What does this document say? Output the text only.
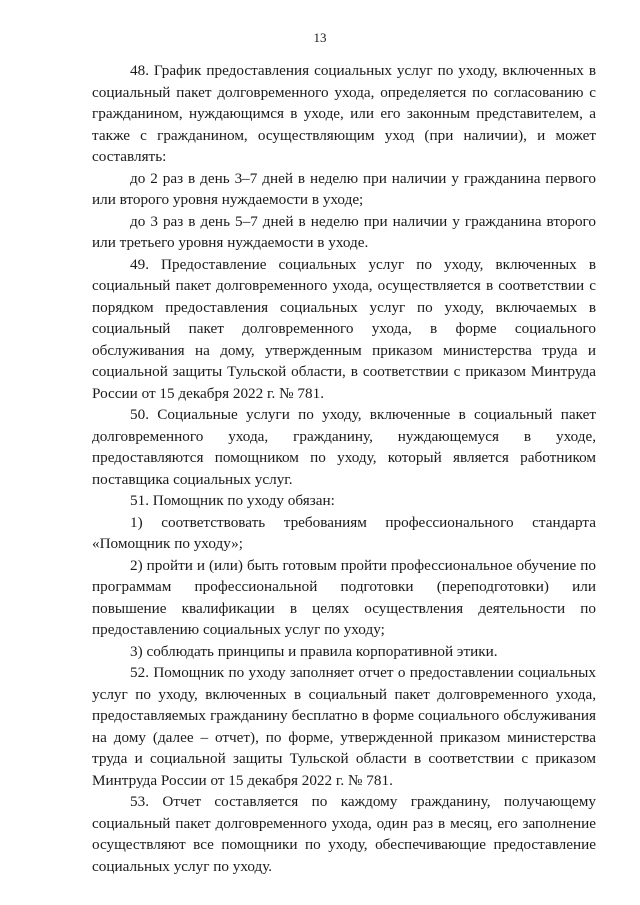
13

48. График предоставления социальных услуг по уходу, включенных в социальный пакет долговременного ухода, определяется по согласованию с гражданином, нуждающимся в уходе, или его законным представителем, а также с гражданином, осуществляющим уход (при наличии), и может составлять:

до 2 раз в день 3–7 дней в неделю при наличии у гражданина первого или второго уровня нуждаемости в уходе;

до 3 раз в день 5–7 дней в неделю при наличии у гражданина второго или третьего уровня нуждаемости в уходе.

49. Предоставление социальных услуг по уходу, включенных в социальный пакет долговременного ухода, осуществляется в соответствии с порядком предоставления социальных услуг по уходу, включаемых в социальный пакет долговременного ухода, в форме социального обслуживания на дому, утвержденным приказом министерства труда и социальной защиты Тульской области, в соответствии с приказом Минтруда России от 15 декабря 2022 г. № 781.

50. Социальные услуги по уходу, включенные в социальный пакет долговременного ухода, гражданину, нуждающемуся в уходе, предоставляются помощником по уходу, который является работником поставщика социальных услуг.

51. Помощник по уходу обязан:

1) соответствовать требованиям профессионального стандарта «Помощник по уходу»;

2) пройти и (или) быть готовым пройти профессиональное обучение по программам профессиональной подготовки (переподготовки) или повышение квалификации в целях осуществления деятельности по предоставлению социальных услуг по уходу;

3) соблюдать принципы и правила корпоративной этики.

52. Помощник по уходу заполняет отчет о предоставлении социальных услуг по уходу, включенных в социальный пакет долговременного ухода, предоставляемых гражданину бесплатно в форме социального обслуживания на дому (далее – отчет), по форме, утвержденной приказом министерства труда и социальной защиты Тульской области в соответствии с приказом Минтруда России от 15 декабря 2022 г. № 781.

53. Отчет составляется по каждому гражданину, получающему социальный пакет долговременного ухода, один раз в месяц, его заполнение осуществляют все помощники по уходу, обеспечивающие предоставление социальных услуг по уходу.
